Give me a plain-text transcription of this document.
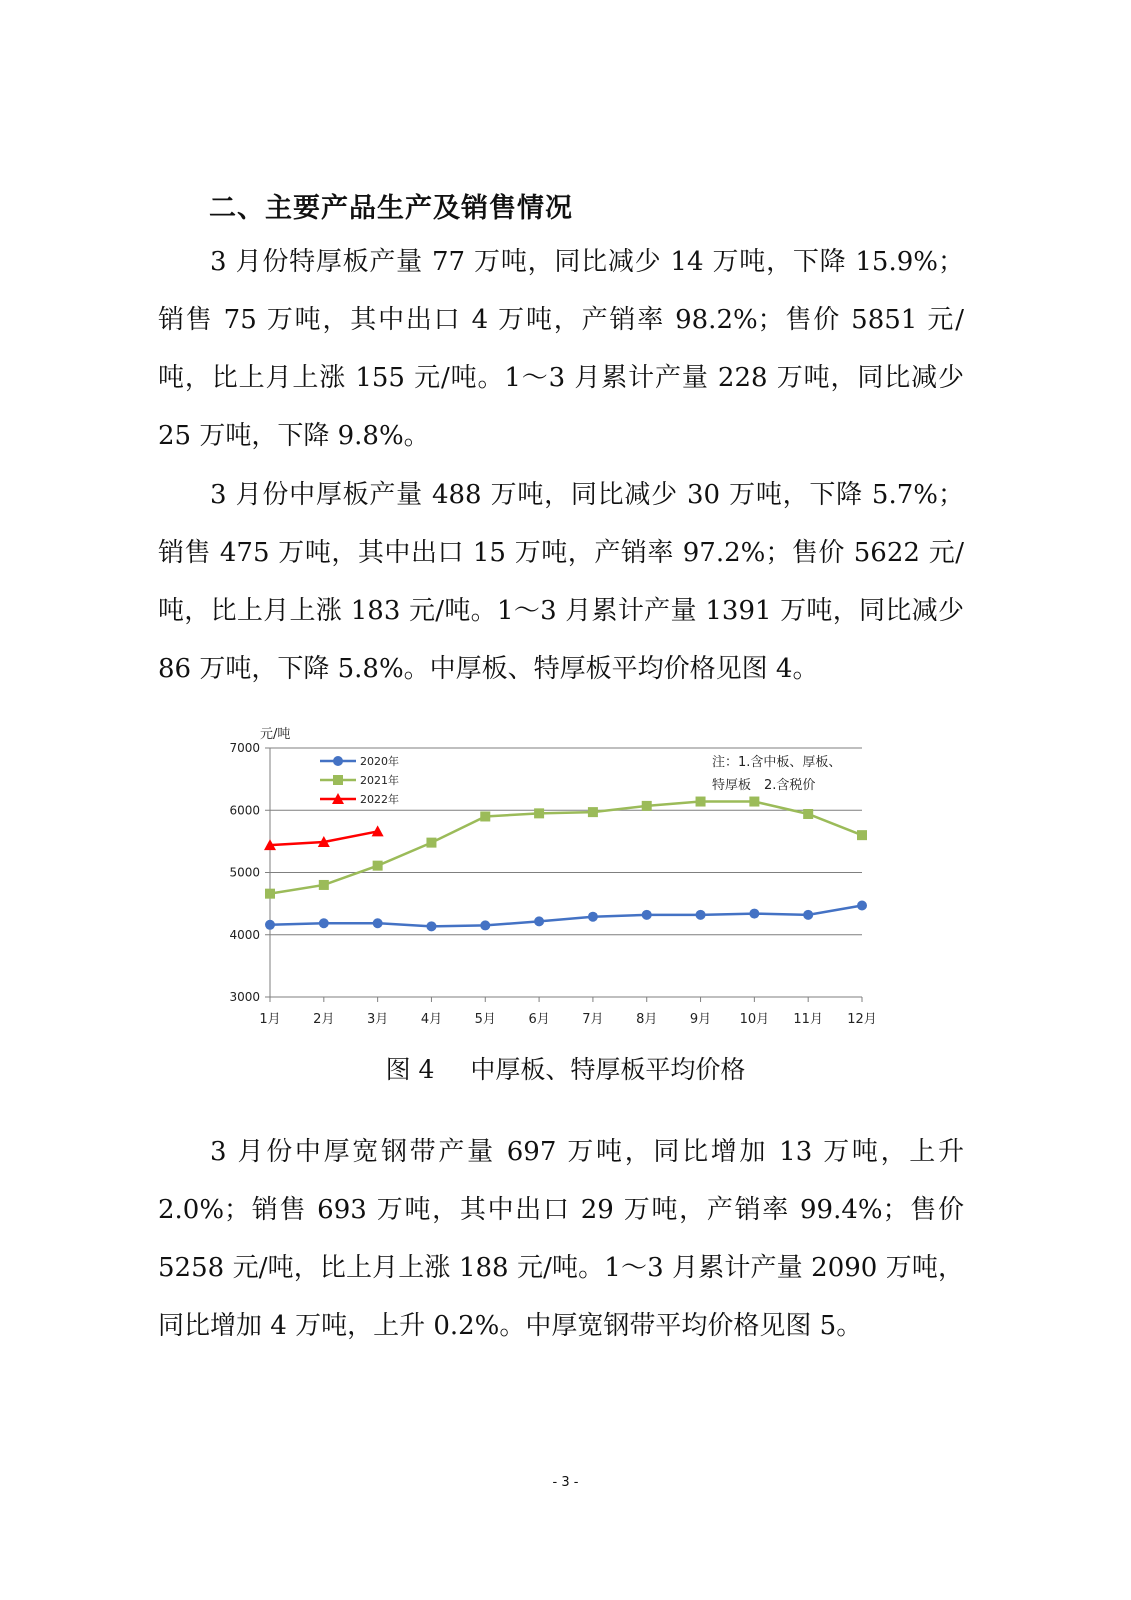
二、主要产品生产及销售情况

3 月份特厚板产量 77 万吨，同比减少 14 万吨，下降 15.9%；销售 75 万吨，其中出口 4 万吨，产销率 98.2%；售价 5851 元/吨，比上月上涨 155 元/吨。1～3 月累计产量 228 万吨，同比减少 25 万吨，下降 9.8%。

3 月份中厚板产量 488 万吨，同比减少 30 万吨，下降 5.7%；销售 475 万吨，其中出口 15 万吨，产销率 97.2%；售价 5622 元/吨，比上月上涨 183 元/吨。1～3 月累计产量 1391 万吨，同比减少 86 万吨，下降 5.8%。中厚板、特厚板平均价格见图 4。

3000
4000
5000
6000
7000
元/吨
1月	2月	3月	4月	5月	6月	7月	8月	9月 10月 11月 12月
2020年
2021年
2022年
注：1.含中板、厚板、
特厚板　2.含税价

图 4 中厚板、特厚板平均价格

3 月份中厚宽钢带产量 697 万吨，同比增加 13 万吨，上升 2.0%；销售 693 万吨，其中出口 29 万吨，产销率 99.4%；售价 5258 元/吨，比上月上涨 188 元/吨。1～3 月累计产量 2090 万吨，同比增加 4 万吨，上升 0.2%。中厚宽钢带平均价格见图 5。

- 3 -
